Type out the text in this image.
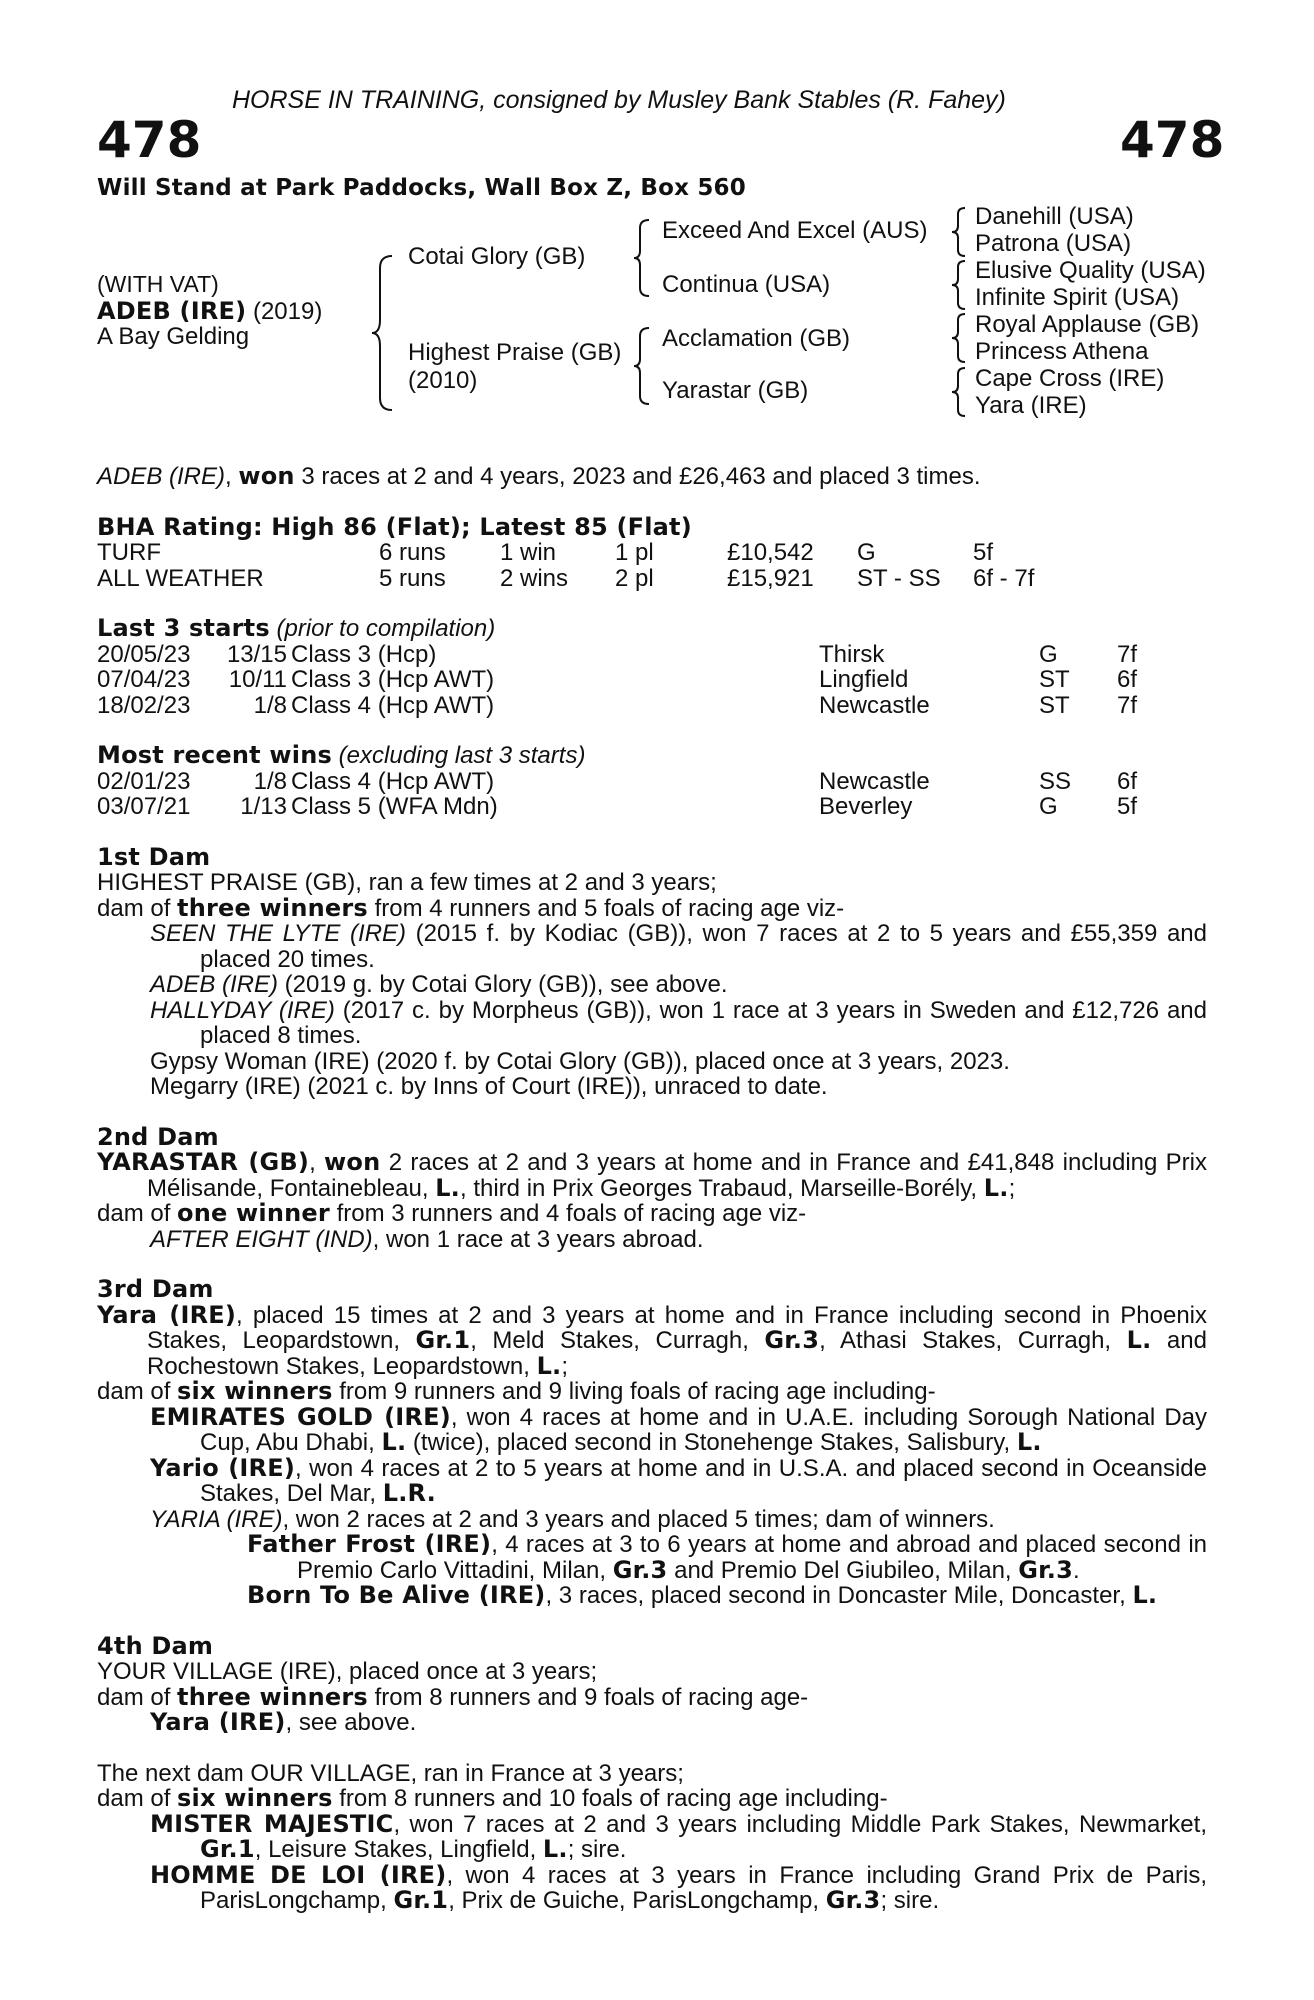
HORSE IN TRAINING, consigned by Musley Bank Stables (R. Fahey)
478	478
Will Stand at Park Paddocks, Wall Box Z, Box 560
(WITH VAT)
ADEB (IRE) (2019)
A Bay Gelding
Cotai Glory (GB)
Highest Praise (GB)
(2010)
Exceed And Excel (AUS)
Continua (USA)
Acclamation (GB)
Yarastar (GB)
Danehill (USA)
Patrona (USA)
Elusive Quality (USA)
Infinite Spirit (USA)
Royal Applause (GB)
Princess Athena
Cape Cross (IRE)
Yara (IRE)

ADEB (IRE), won 3 races at 2 and 4 years, 2023 and £26,463 and placed 3 times.

BHA Rating: High 86 (Flat); Latest 85 (Flat)

TURF	6 runs 1 win 1 pl	£10,542 G	5f
ALL WEATHER	5 runs 2 wins 2 pl	£15,921 ST - SS 6f - 7f

Last 3 starts (prior to compilation)

20/05/23	13/15 Class 3 (Hcp)	Thirsk	G 7f
07/04/23	10/11 Class 3 (Hcp AWT)	Lingfield	ST 6f
18/02/23	1/8 Class 4 (Hcp AWT)	Newcastle	ST 7f

Most recent wins (excluding last 3 starts)

02/01/23	1/8 Class 4 (Hcp AWT)	Newcastle	SS 6f
03/07/21	1/13 Class 5 (WFA Mdn)	Beverley	G 5f

1st Dam

HIGHEST PRAISE (GB), ran a few times at 2 and 3 years;

dam of three winners from 4 runners and 5 foals of racing age viz-

SEEN THE LYTE (IRE) (2015 f. by Kodiac (GB)), won 7 races at 2 to 5 years and £55,359 and placed 20 times.

ADEB (IRE) (2019 g. by Cotai Glory (GB)), see above.

HALLYDAY (IRE) (2017 c. by Morpheus (GB)), won 1 race at 3 years in Sweden and £12,726 and placed 8 times.

Gypsy Woman (IRE) (2020 f. by Cotai Glory (GB)), placed once at 3 years, 2023.

Megarry (IRE) (2021 c. by Inns of Court (IRE)), unraced to date.

2nd Dam

YARASTAR (GB), won 2 races at 2 and 3 years at home and in France and £41,848 including Prix Mélisande, Fontainebleau, L., third in Prix Georges Trabaud, Marseille-Borély, L.;

dam of one winner from 3 runners and 4 foals of racing age viz-

AFTER EIGHT (IND), won 1 race at 3 years abroad.

3rd Dam

Yara (IRE), placed 15 times at 2 and 3 years at home and in France including second in Phoenix Stakes, Leopardstown, Gr.1, Meld Stakes, Curragh, Gr.3, Athasi Stakes, Curragh, L. and Rochestown Stakes, Leopardstown, L.;

dam of six winners from 9 runners and 9 living foals of racing age including-

EMIRATES GOLD (IRE), won 4 races at home and in U.A.E. including Sorough National Day Cup, Abu Dhabi, L. (twice), placed second in Stonehenge Stakes, Salisbury, L.

Yario (IRE), won 4 races at 2 to 5 years at home and in U.S.A. and placed second in Oceanside Stakes, Del Mar, L.R.

YARIA (IRE), won 2 races at 2 and 3 years and placed 5 times; dam of winners.

Father Frost (IRE), 4 races at 3 to 6 years at home and abroad and placed second in Premio Carlo Vittadini, Milan, Gr.3 and Premio Del Giubileo, Milan, Gr.3.

Born To Be Alive (IRE), 3 races, placed second in Doncaster Mile, Doncaster, L.

4th Dam

YOUR VILLAGE (IRE), placed once at 3 years;

dam of three winners from 8 runners and 9 foals of racing age-

Yara (IRE), see above.

The next dam OUR VILLAGE, ran in France at 3 years;

dam of six winners from 8 runners and 10 foals of racing age including-

MISTER MAJESTIC, won 7 races at 2 and 3 years including Middle Park Stakes, Newmarket, Gr.1, Leisure Stakes, Lingfield, L.; sire.

HOMME DE LOI (IRE), won 4 races at 3 years in France including Grand Prix de Paris, ParisLongchamp, Gr.1, Prix de Guiche, ParisLongchamp, Gr.3; sire.
